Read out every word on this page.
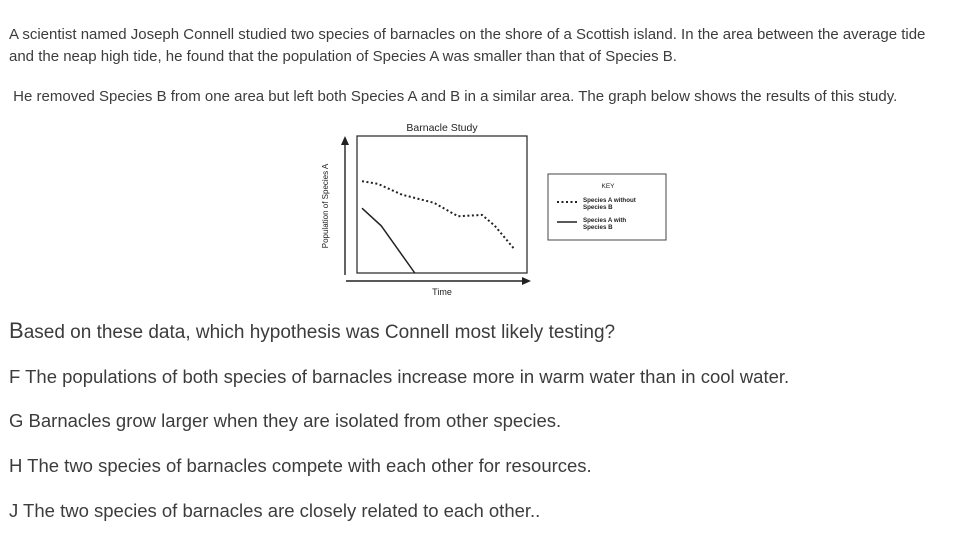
A scientist named Joseph Connell studied two species of barnacles on the shore of a Scottish island. In the area between the average tide and the neap high tide, he found that the population of Species A was smaller than that of Species B.
He removed Species B from one area but left both Species A and B in a similar area. The graph below shows the results of this study.
Barnacle Study
Population of Species A
Time
KEY
Species A without Species B
Species A with Species B
Based on these data, which hypothesis was Connell most likely testing?
F The populations of both species of barnacles increase more in warm water than in cool water.
G Barnacles grow larger when they are isolated from other species.
H The two species of barnacles compete with each other for resources.
J The two species of barnacles are closely related to each other..
